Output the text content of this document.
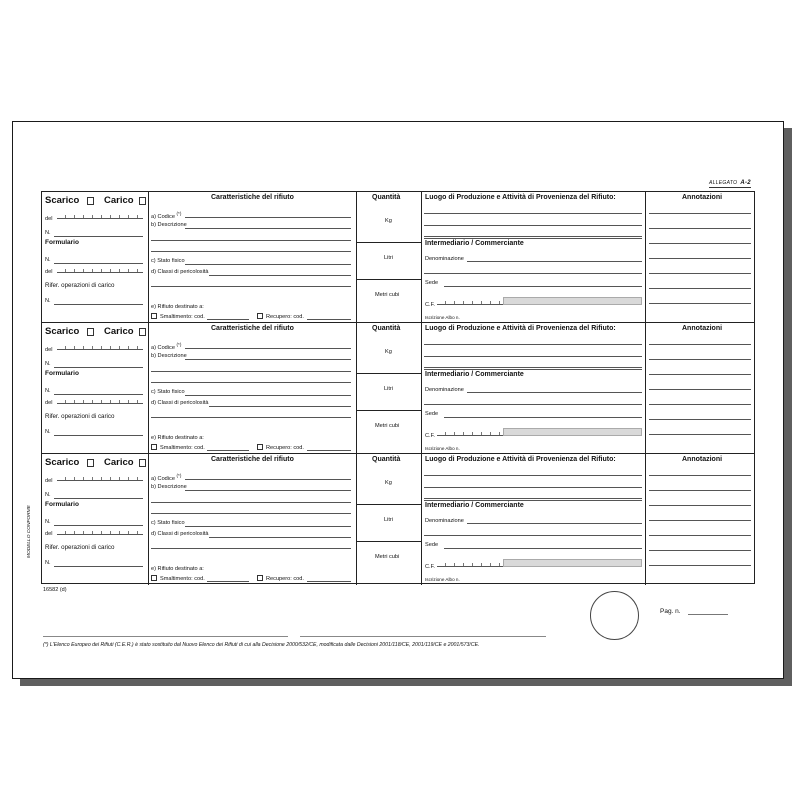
ALLEGATO A-2
Scarico	Carico
del
N.
Formulario
N.
del
Rifer. operazioni di carico
N.
Caratteristiche del rifiuto
a) Codice (*)
b) Descrizione
c) Stato fisico
d) Classi di pericolosità
e) Rifiuto destinato a:
Smaltimento: cod.	Recupero: cod.
Quantità
Kg
Litri
Metri cubi
Luogo di Produzione e Attività di Provenienza del Rifiuto:
Intermediario / Commerciante
Denominazione
Sede
C.F.
Iscrizione Albo n.
Annotazioni
Scarico	Carico
del
N.
Formulario
N.
del
Rifer. operazioni di carico
N.
Caratteristiche del rifiuto
a) Codice (*)
b) Descrizione
c) Stato fisico
d) Classi di pericolosità
e) Rifiuto destinato a:
Smaltimento: cod.	Recupero: cod.
Quantità
Kg
Litri
Metri cubi
Luogo di Produzione e Attività di Provenienza del Rifiuto:
Intermediario / Commerciante
Denominazione
Sede
C.F.
Iscrizione Albo n.
Annotazioni
Scarico	Carico
del
N.
Formulario
N.
del
Rifer. operazioni di carico
N.
Caratteristiche del rifiuto
a) Codice (*)
b) Descrizione
c) Stato fisico
d) Classi di pericolosità
e) Rifiuto destinato a:
Smaltimento: cod.	Recupero: cod.
Quantità
Kg
Litri
Metri cubi
Luogo di Produzione e Attività di Provenienza del Rifiuto:
Intermediario / Commerciante
Denominazione
Sede
C.F.
Iscrizione Albo n.
Annotazioni
MODELLO CONFORME
16582 (d)
Pag. n.
(*) L'Elenco Europeo dei Rifiuti (C.E.R.) è stato sostituito dal Nuovo Elenco dei Rifiuti di cui alla Decisione 2000/532/CE, modificata dalle Decisioni 2001/118/CE, 2001/119/CE e 2001/573/CE.
